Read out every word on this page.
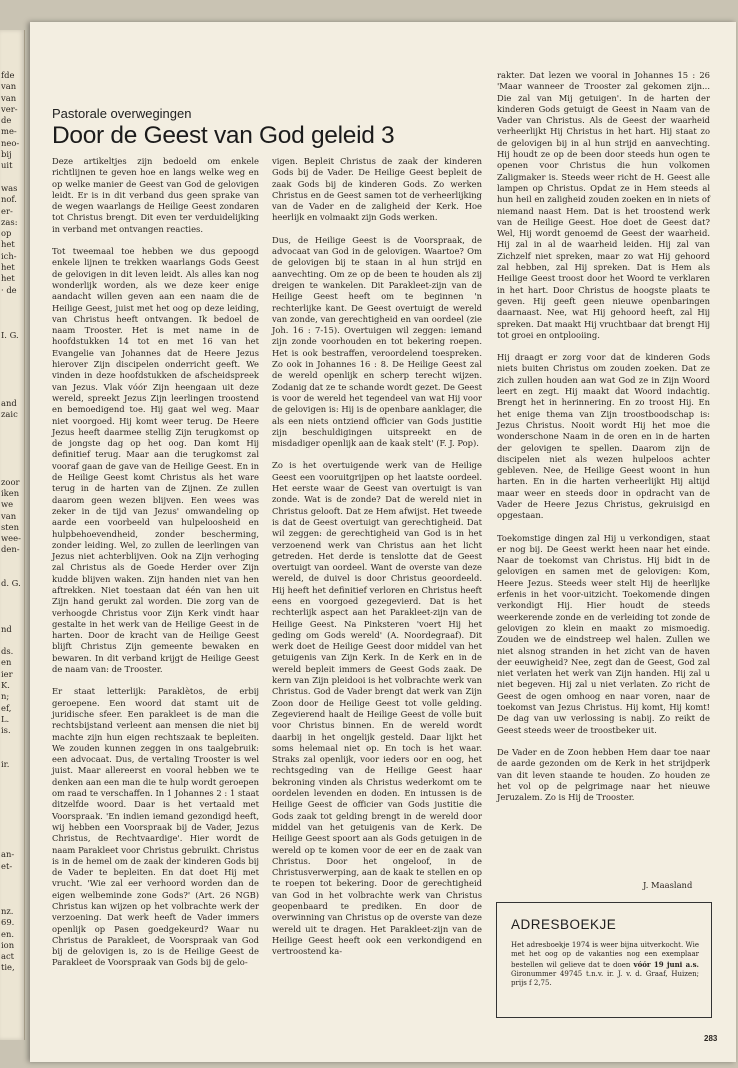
fde
van
van
ver-
de
me-
neo-
bij
uit
was
nof.
er-
zas:
op
het
ich-
het
het
· de
I. G.
and
zaic
zoor
iken
we
van
sten
wee-
den-
d. G.
nd
ds.
en
ier
K.
n;
ef,
L.
is.
ir.
an-
et-
nz.
69.
en.
ion
act
tie,
Pastorale overwegingen
Door de Geest van God geleid 3

Deze artikeltjes zijn bedoeld om enkele richtlijnen te geven hoe en langs welke weg en op welke manier de Geest van God de gelovigen leidt. Er is in dit verband dus geen sprake van de wegen waarlangs de Heilige Geest zondaren tot Christus brengt. Dit even ter verduidelijking in verband met ontvangen reacties.

Tot tweemaal toe hebben we dus gepoogd enkele lijnen te trekken waarlangs Gods Geest de gelovigen in dit leven leidt. Als alles kan nog wonderlijk worden, als we deze keer enige aandacht willen geven aan een naam die de Heilige Geest, juist met het oog op deze leiding, van Christus heeft ontvangen. Ik bedoel de naam Trooster. Het is met name in de hoofdstukken 14 tot en met 16 van het Evangelie van Johannes dat de Heere Jezus hierover Zijn discipelen onderricht geeft. We vinden in deze hoofdstukken de afscheidspreek van Jezus. Vlak vóór Zijn heengaan uit deze wereld, spreekt Jezus Zijn leerlingen troostend en bemoedigend toe. Hij gaat wel weg. Maar niet voorgoed. Hij komt weer terug. De Heere Jezus heeft daarmee stellig Zijn terugkomst op de jongste dag op het oog. Dan komt Hij definitief terug. Maar aan die terugkomst zal vooraf gaan de gave van de Heilige Geest. En in de Heilige Geest komt Christus als het ware terug in de harten van de Zijnen. Ze zullen daarom geen wezen blijven. Een wees was zeker in de tijd van Jezus' omwandeling op aarde een voorbeeld van hulpeloosheid en hulpbehoevendheid, zonder bescherming, zonder leiding. Wel, zo zullen de leerlingen van Jezus niet achterblijven. Ook na Zijn verhoging zal Christus als de Goede Herder over Zijn kudde blijven waken. Zijn handen niet van hen aftrekken. Niet toestaan dat één van hen uit Zijn hand gerukt zal worden. Die zorg van de verhoogde Christus voor Zijn Kerk vindt haar gestalte in het werk van de Heilige Geest in de harten. Door de kracht van de Heilige Geest blijft Christus Zijn gemeente bewaken en bewaren. In dit verband krijgt de Heilige Geest de naam van: de Trooster.

Er staat letterlijk: Paraklètos, de erbij geroepene. Een woord dat stamt uit de juridische sfeer. Een parakleet is de man die rechtsbijstand verleent aan mensen die niet bij machte zijn hun eigen rechtszaak te bepleiten. We zouden kunnen zeggen in ons taalgebruik: een advocaat. Dus, de vertaling Trooster is wel juist. Maar allereerst en vooral hebben we te denken aan een man die te hulp wordt geroepen om raad te verschaffen. In 1 Johannes 2 : 1 staat ditzelfde woord. Daar is het vertaald met Voorspraak. 'En indien iemand gezondigd heeft, wij hebben een Voorspraak bij de Vader, Jezus Christus, de Rechtvaardige'. Hier wordt de naam Parakleet voor Christus gebruikt. Christus is in de hemel om de zaak der kinderen Gods bij de Vader te bepleiten. En dat doet Hij met vrucht. 'Wie zal eer verhoord worden dan de eigen welbeminde zone Gods?' (Art. 26 NGB) Christus kan wijzen op het volbrachte werk der verzoening. Dat werk heeft de Vader immers openlijk op Pasen goedgekeurd? Waar nu Christus de Parakleet, de Voorspraak van God bij de gelovigen is, zo is de Heilige Geest de Parakleet de Voorspraak van Gods bij de gelo-

vigen. Bepleit Christus de zaak der kinderen Gods bij de Vader. De Heilige Geest bepleit de zaak Gods bij de kinderen Gods. Zo werken Christus en de Geest samen tot de verheerlijking van de Vader en de zaligheid der Kerk. Hoe heerlijk en volmaakt zijn Gods werken.

Dus, de Heilige Geest is de Voorspraak, de advocaat van God in de gelovigen. Waartoe? Om de gelovigen bij te staan in al hun strijd en aanvechting. Om ze op de been te houden als zij dreigen te wankelen. Dit Parakleet-zijn van de Heilige Geest heeft om te beginnen 'n rechterlijke kant. De Geest overtuigt de wereld van zonde, van gerechtigheid en van oordeel (zie Joh. 16 : 7-15). Overtuigen wil zeggen: iemand zijn zonde voorhouden en tot bekering roepen. Het is ook bestraffen, veroordelend toespreken. Zo ook in Johannes 16 : 8. De Heilige Geest zal de wereld openlijk en scherp terecht wijzen. Zodanig dat ze te schande wordt gezet. De Geest is voor de wereld het tegendeel van wat Hij voor de gelovigen is: Hij is de openbare aanklager, die als een niets ontziend officier van Gods justitie zijn beschuldigingen uitspreekt en de misdadiger openlijk aan de kaak stelt' (F. J. Pop).

Zo is het overtuigende werk van de Heilige Geest een vooruitgrijpen op het laatste oordeel. Het eerste waar de Geest van overtuigt is van zonde. Wat is de zonde? Dat de wereld niet in Christus gelooft. Dat ze Hem afwijst. Het tweede is dat de Geest overtuigt van gerechtigheid. Dat wil zeggen: de gerechtigheid van God is in het verzoenend werk van Christus aan het licht getreden. Het derde is tenslotte dat de Geest overtuigt van oordeel. Want de overste van deze wereld, de duivel is door Christus geoordeeld. Hij heeft het definitief verloren en Christus heeft eens en voorgoed gezegevierd. Dat is het rechterlijk aspect aan het Parakleet-zijn van de Heilige Geest. Na Pinksteren 'voert Hij het geding om Gods wereld' (A. Noordegraaf). Dit werk doet de Heilige Geest door middel van het getuigenis van Zijn Kerk. In de Kerk en in de wereld bepleit immers de Geest Gods zaak. De kern van Zijn pleidooi is het volbrachte werk van Christus. God de Vader brengt dat werk van Zijn Zoon door de Heilige Geest tot volle gelding. Zegevierend haalt de Heilige Geest de volle buit voor Christus binnen. En de wereld wordt daarbij in het ongelijk gesteld. Daar lijkt het soms helemaal niet op. En toch is het waar. Straks zal openlijk, voor ieders oor en oog, het rechtsgeding van de Heilige Geest haar bekroning vinden als Christus wederkomt om te oordelen levenden en doden. En intussen is de Heilige Geest de officier van Gods justitie die Gods zaak tot gelding brengt in de wereld door middel van het getuigenis van de Kerk. De Heilige Geest spoort aan als Gods getuigen in de wereld op te komen voor de eer en de zaak van Christus. Door het ongeloof, in de Christusverwerping, aan de kaak te stellen en op te roepen tot bekering. Door de gerechtigheid van God in het volbrachte werk van Christus geopenbaard te prediken. En door de overwinning van Christus op de overste van deze wereld uit te dragen. Het Parakleet-zijn van de Heilige Geest heeft ook een verkondigend en vertroostend ka-

rakter. Dat lezen we vooral in Johannes 15 : 26 'Maar wanneer de Trooster zal gekomen zijn... Die zal van Mij getuigen'. In de harten der kinderen Gods getuigt de Geest in Naam van de Vader van Christus. Als de Geest der waarheid verheerlijkt Hij Christus in het hart. Hij staat zo de gelovigen bij in al hun strijd en aanvechting. Hij houdt ze op de been door steeds hun ogen te openen voor Christus die hun volkomen Zaligmaker is. Steeds weer richt de H. Geest alle lampen op Christus. Opdat ze in Hem steeds al hun heil en zaligheid zouden zoeken en in niets of niemand naast Hem. Dat is het troostend werk van de Heilige Geest. Hoe doet de Geest dat? Wel, Hij wordt genoemd de Geest der waarheid. Hij zal in al de waarheid leiden. Hij zal van Zichzelf niet spreken, maar zo wat Hij gehoord zal hebben, zal Hij spreken. Dat is Hem als Heilige Geest troost door het Woord te verklaren in het hart. Door Christus de hoogste plaats te geven. Hij geeft geen nieuwe openbaringen daarnaast. Nee, wat Hij gehoord heeft, zal Hij spreken. Dat maakt Hij vruchtbaar dat brengt Hij tot groei en ontplooiing.

Hij draagt er zorg voor dat de kinderen Gods niets buiten Christus om zouden zoeken. Dat ze zich zullen houden aan wat God ze in Zijn Woord leert en zegt. Hij maakt dat Woord indachtig. Brengt het in herinnering. En zo troost Hij. En het enige thema van Zijn troostboodschap is: Jezus Christus. Nooit wordt Hij het moe die wonderschone Naam in de oren en in de harten der gelovigen te spellen. Daarom zijn de discipelen niet als wezen hulpeloos achter gebleven. Nee, de Heilige Geest woont in hun harten. En in die harten verheerlijkt Hij altijd maar weer en steeds door in opdracht van de Vader de Heere Jezus Christus, gekruisigd en opgestaan.

Toekomstige dingen zal Hij u verkondigen, staat er nog bij. De Geest werkt heen naar het einde. Naar de toekomst van Christus. Hij bidt in de gelovigen en samen met de gelovigen: Kom, Heere Jezus. Steeds weer stelt Hij de heerlijke erfenis in het voor-uitzicht. Toekomende dingen verkondigt Hij. Hier houdt de steeds weerkerende zonde en de verleiding tot zonde de gelovigen zo klein en maakt zo mismoedig. Zouden we de eindstreep wel halen. Zullen we niet alsnog stranden in het zicht van de haven der eeuwigheid? Nee, zegt dan de Geest, God zal niet verlaten het werk van Zijn handen. Hij zal u niet begeven. Hij zal u niet verlaten. Zo richt de Geest de ogen omhoog en naar voren, naar de toekomst van Jezus Christus. Hij komt, Hij komt! De dag van uw verlossing is nabij. Zo reikt de Geest steeds weer de troostbeker uit.

De Vader en de Zoon hebben Hem daar toe naar de aarde gezonden om de Kerk in het strijdperk van dit leven staande te houden. Zo houden ze het vol op de pelgrimage naar het nieuwe Jeruzalem. Zo is Hij de Trooster.

J. Maasland
ADRESBOEKJE
Het adresboekje 1974 is weer bijna uitverkocht. Wie met het oog op de vakanties nog een exemplaar bestellen wil gelieve dat te doen vóór 19 juni a.s. Gironummer 49745 t.n.v. ir. J. v. d. Graaf, Huizen; prijs f 2,75.
283
